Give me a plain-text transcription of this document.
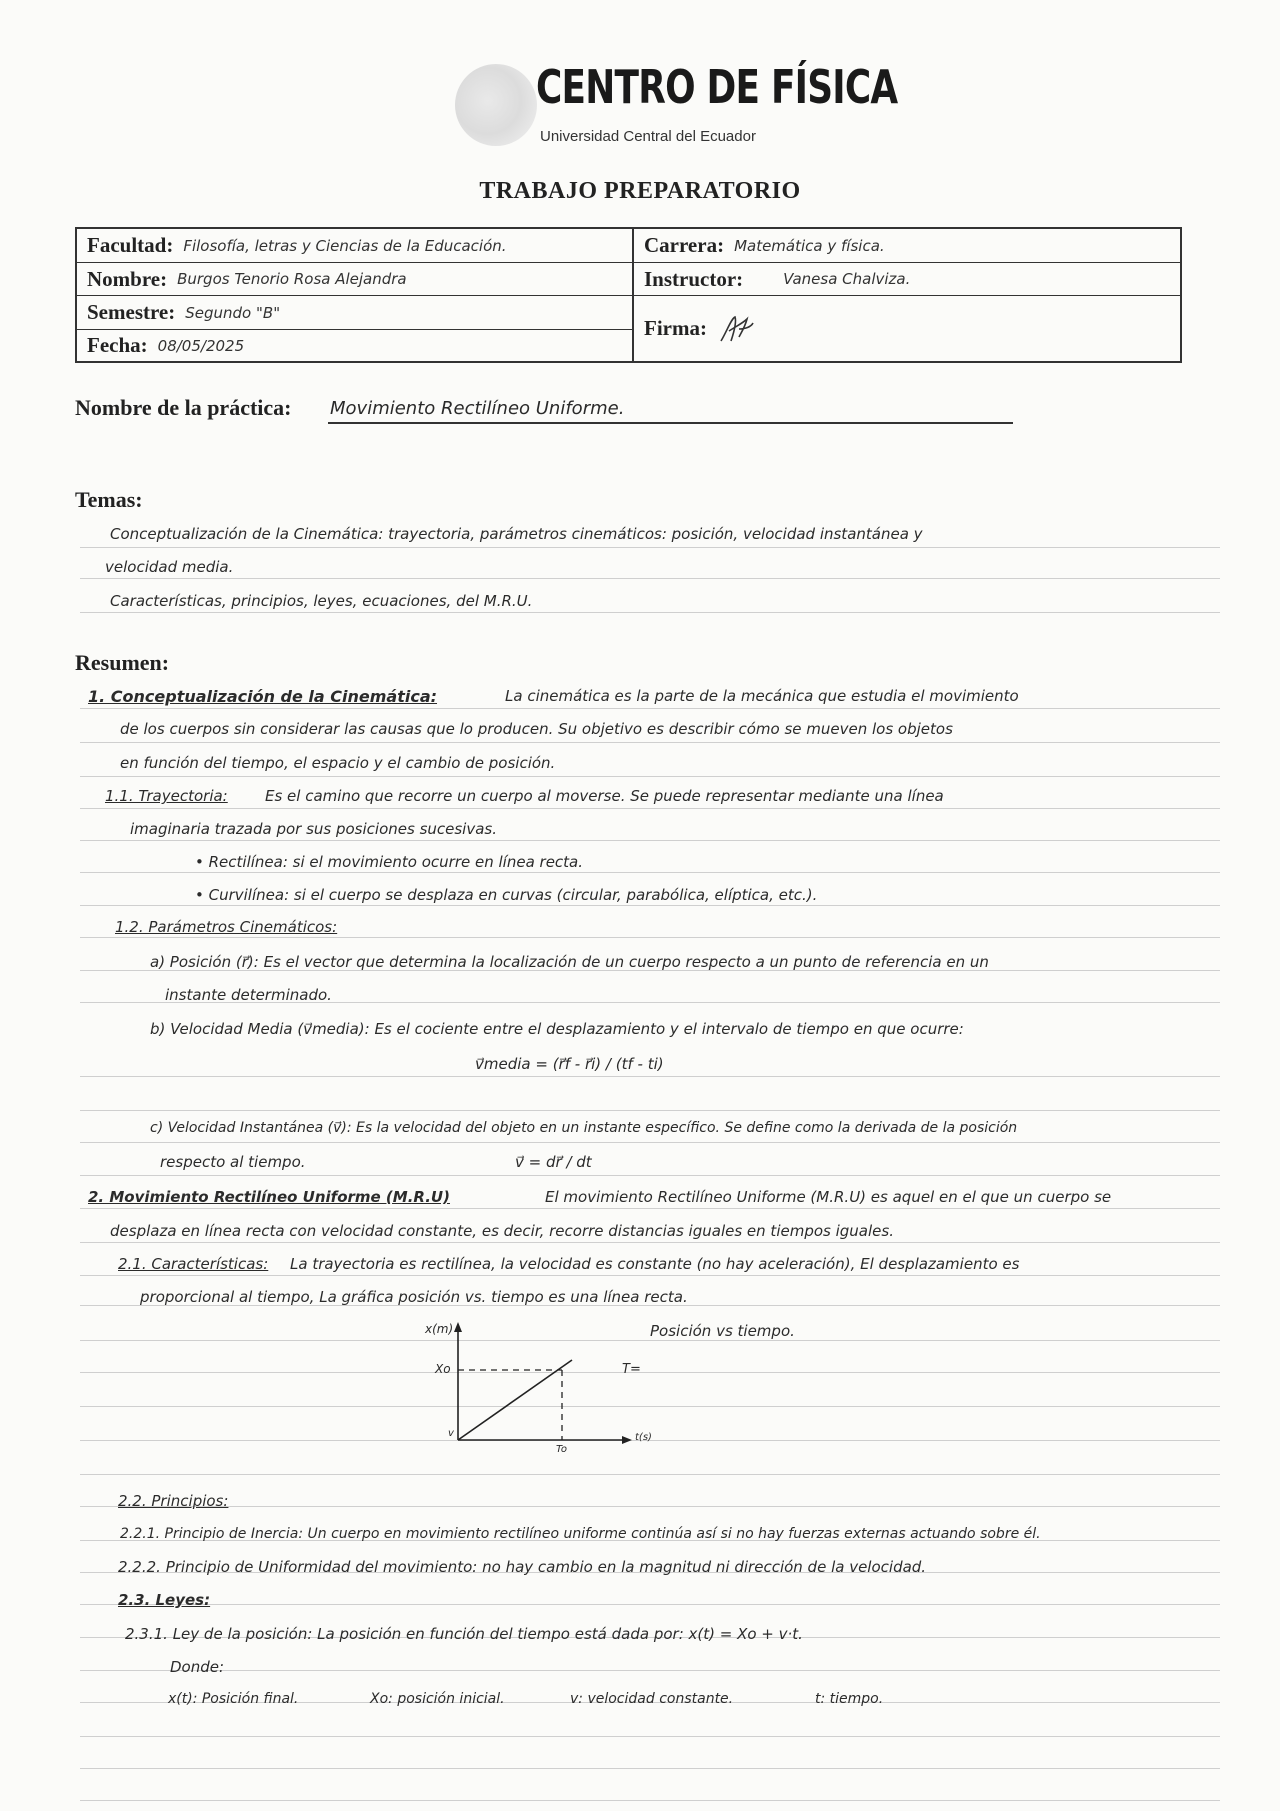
CENTRO DE FÍSICA
Universidad Central del Ecuador
TRABAJO PREPARATORIO
Facultad: Filosofía, letras y Ciencias de la Educación.	Carrera: Matemática y física.
Nombre: Burgos Tenorio Rosa Alejandra	Instructor:	Vanesa Chalviza.
Semestre: Segundo "B"
Firma:
Fecha: 08/05/2025
Nombre de la práctica: Movimiento Rectilíneo Uniforme.
Temas:
Conceptualización de la Cinemática: trayectoria, parámetros cinemáticos: posición, velocidad instantánea y
velocidad media.
Características, principios, leyes, ecuaciones, del M.R.U.
Resumen:
1. Conceptualización de la Cinemática:	La cinemática es la parte de la mecánica que estudia el movimiento
de los cuerpos sin considerar las causas que lo producen. Su objetivo es describir cómo se mueven los objetos
en función del tiempo, el espacio y el cambio de posición.
1.1. Trayectoria: Es el camino que recorre un cuerpo al moverse. Se puede representar mediante una línea
imaginaria trazada por sus posiciones sucesivas.
• Rectilínea: si el movimiento ocurre en línea recta.
• Curvilínea: si el cuerpo se desplaza en curvas (circular, parabólica, elíptica, etc.).
1.2. Parámetros Cinemáticos:
a) Posición (r⃗): Es el vector que determina la localización de un cuerpo respecto a un punto de referencia en un
instante determinado.
b) Velocidad Media (v⃗media): Es el cociente entre el desplazamiento y el intervalo de tiempo en que ocurre:
v⃗media = (r⃗f - r⃗i) / (tf - ti)
c) Velocidad Instantánea (v⃗): Es la velocidad del objeto en un instante específico. Se define como la derivada de la posición
respecto al tiempo.	v⃗ = dr⃗ / dt
2. Movimiento Rectilíneo Uniforme (M.R.U)	El movimiento Rectilíneo Uniforme (M.R.U) es aquel en el que un cuerpo se
desplaza en línea recta con velocidad constante, es decir, recorre distancias iguales en tiempos iguales.
2.1. Características: La trayectoria es rectilínea, la velocidad es constante (no hay aceleración), El desplazamiento es
proporcional al tiempo, La gráfica posición vs. tiempo es una línea recta.
x(m)	Posición vs tiempo.
Xo	T=
v
To
t(s)
2.2. Principios:
2.2.1. Principio de Inercia: Un cuerpo en movimiento rectilíneo uniforme continúa así si no hay fuerzas externas actuando sobre él.
2.2.2. Principio de Uniformidad del movimiento: no hay cambio en la magnitud ni dirección de la velocidad.
2.3. Leyes:
2.3.1. Ley de la posición: La posición en función del tiempo está dada por: x(t) = Xo + v·t.
Donde:
x(t): Posición final.	Xo: posición inicial.	v: velocidad constante.	t: tiempo.
